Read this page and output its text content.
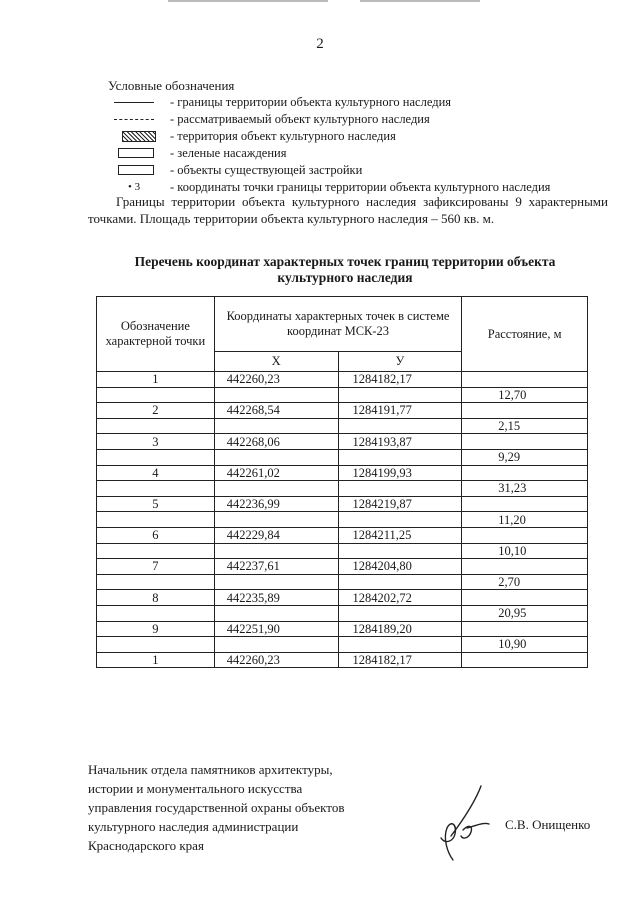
2
Условные обозначения
- границы территории объекта культурного наследия
- рассматриваемый объект культурного наследия
- территория объект культурного наследия
- зеленые насаждения
- объекты существующей застройки
• 3	- координаты точки границы территории объекта культурного наследия
Границы территории объекта культурного наследия зафиксированы 9 характерными точками. Площадь территории объекта культурного наследия – 560 кв. м.
Перечень координат характерных точек границ территории объекта культурного наследия
Обозначение характерной точки	Координаты характерных точек в системе координат МСК-23		Расстояние, м
	Х	У	
1	442260,23	1284182,17	
			12,70
2	442268,54	1284191,77	
			2,15
3	442268,06	1284193,87	
			9,29
4	442261,02	1284199,93	
			31,23
5	442236,99	1284219,87	
			11,20
6	442229,84	1284211,25	
			10,10
7	442237,61	1284204,80	
			2,70
8	442235,89	1284202,72	
			20,95
9	442251,90	1284189,20	
			10,90
1	442260,23	1284182,17	
Начальник отдела памятников архитектуры,
истории и монументального искусства
управления государственной охраны объектов
культурного наследия администрации
Краснодарского края
С.В. Онищенко
